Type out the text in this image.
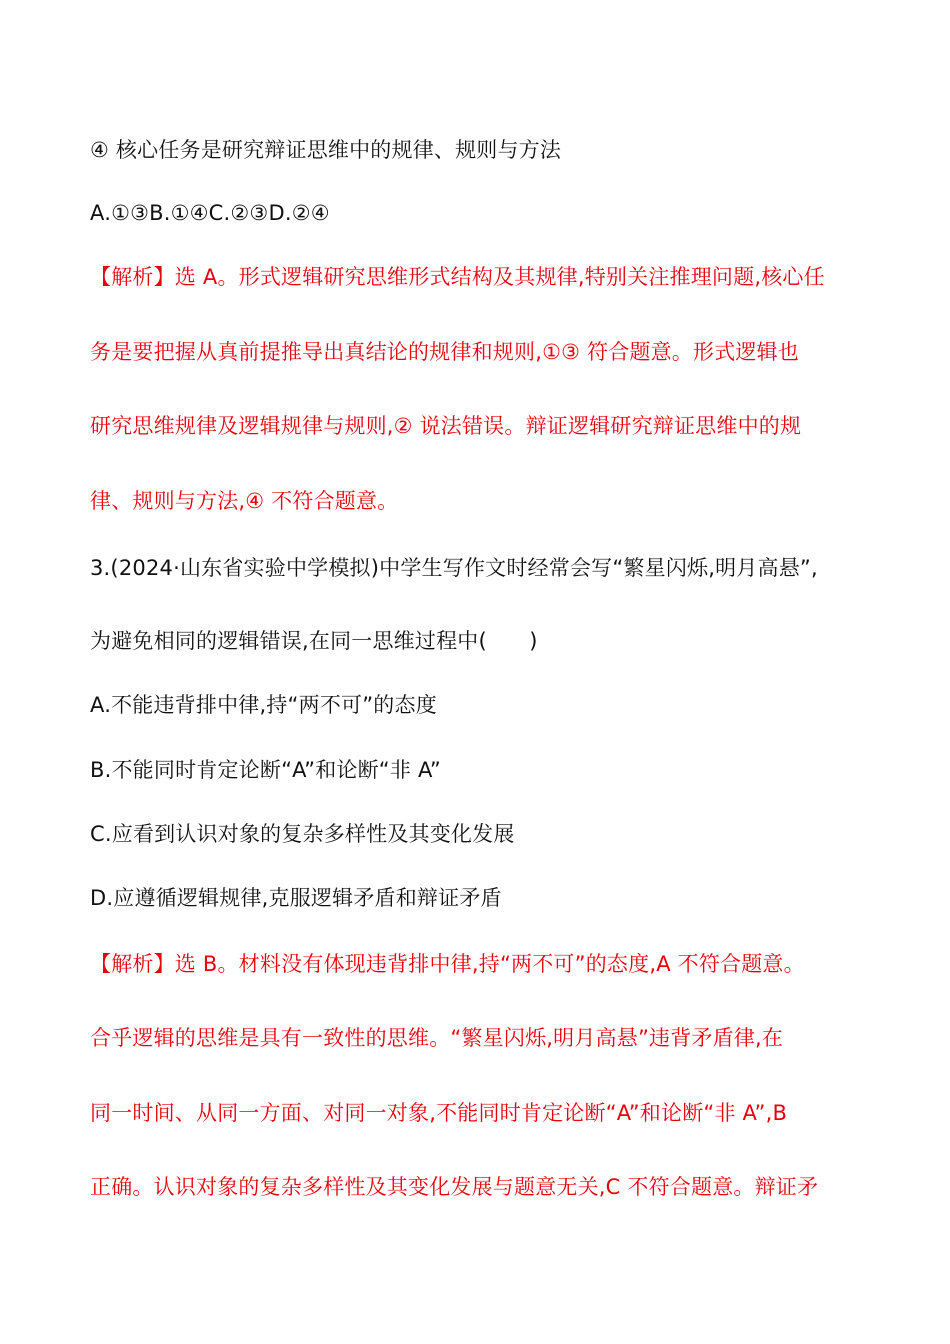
④ 核心任务是研究辩证思维中的规律、规则与方法
A.①③B.①④C.②③D.②④
【解析】选 A。形式逻辑研究思维形式结构及其规律,特别关注推理问题,核心任
务是要把握从真前提推导出真结论的规律和规则,①③ 符合题意。形式逻辑也
研究思维规律及逻辑规律与规则,② 说法错误。辩证逻辑研究辩证思维中的规
律、规则与方法,④ 不符合题意。
3.(2024·山东省实验中学模拟)中学生写作文时经常会写“繁星闪烁,明月高悬”,
为避免相同的逻辑错误,在同一思维过程中(　　)
A.不能违背排中律,持“两不可”的态度
B.不能同时肯定论断“A”和论断“非 A”
C.应看到认识对象的复杂多样性及其变化发展
D.应遵循逻辑规律,克服逻辑矛盾和辩证矛盾
【解析】选 B。材料没有体现违背排中律,持“两不可”的态度,A 不符合题意。
合乎逻辑的思维是具有一致性的思维。“繁星闪烁,明月高悬”违背矛盾律,在
同一时间、从同一方面、对同一对象,不能同时肯定论断“A”和论断“非 A”,B
正确。认识对象的复杂多样性及其变化发展与题意无关,C 不符合题意。辩证矛
